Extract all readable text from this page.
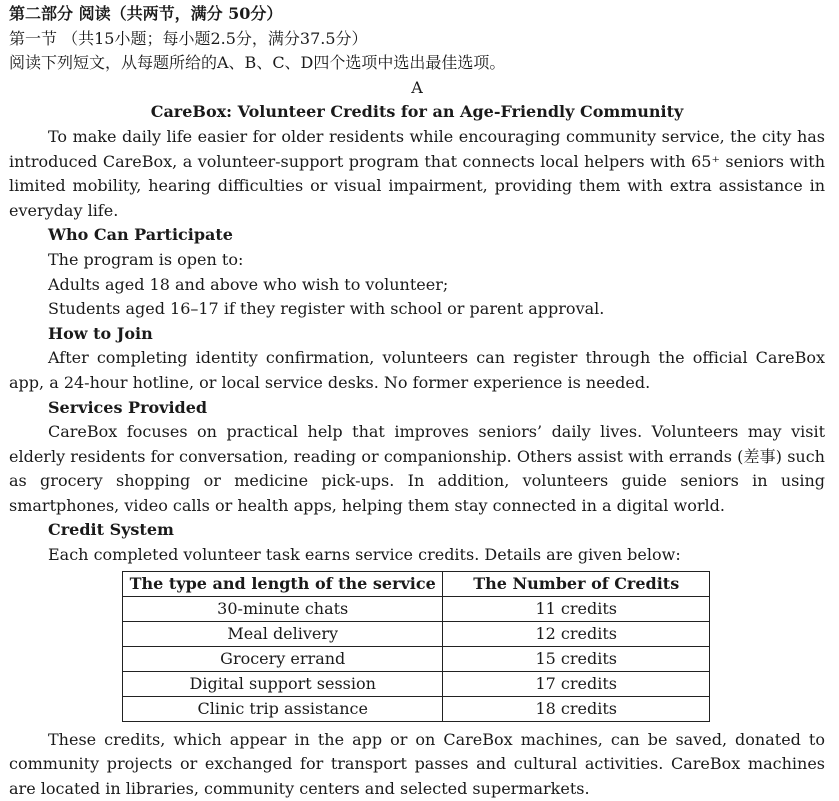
第二部分 阅读（共两节，满分 50分）
第一节 （共15小题；每小题2.5分，满分37.5分）
阅读下列短文，从每题所给的A、B、C、D四个选项中选出最佳选项。
A
CareBox: Volunteer Credits for an Age-Friendly Community
To make daily life easier for older residents while encouraging community service, the city has introduced CareBox, a volunteer-support program that connects local helpers with 65⁺ seniors with limited mobility, hearing difficulties or visual impairment, providing them with extra assistance in everyday life.
Who Can Participate
The program is open to:
Adults aged 18 and above who wish to volunteer;
Students aged 16–17 if they register with school or parent approval.
How to Join
After completing identity confirmation, volunteers can register through the official CareBox app, a 24-hour hotline, or local service desks. No former experience is needed.
Services Provided
CareBox focuses on practical help that improves seniors’ daily lives. Volunteers may visit elderly residents for conversation, reading or companionship. Others assist with errands (差事) such as grocery shopping or medicine pick-ups. In addition, volunteers guide seniors in using smartphones, video calls or health apps, helping them stay connected in a digital world.
Credit System
Each completed volunteer task earns service credits. Details are given below:
The type and length of the service	The Number of Credits
30-minute chats	11 credits
Meal delivery	12 credits
Grocery errand	15 credits
Digital support session	17 credits
Clinic trip assistance	18 credits
These credits, which appear in the app or on CareBox machines, can be saved, donated to community projects or exchanged for transport passes and cultural activities. CareBox machines are located in libraries, community centers and selected supermarkets.
